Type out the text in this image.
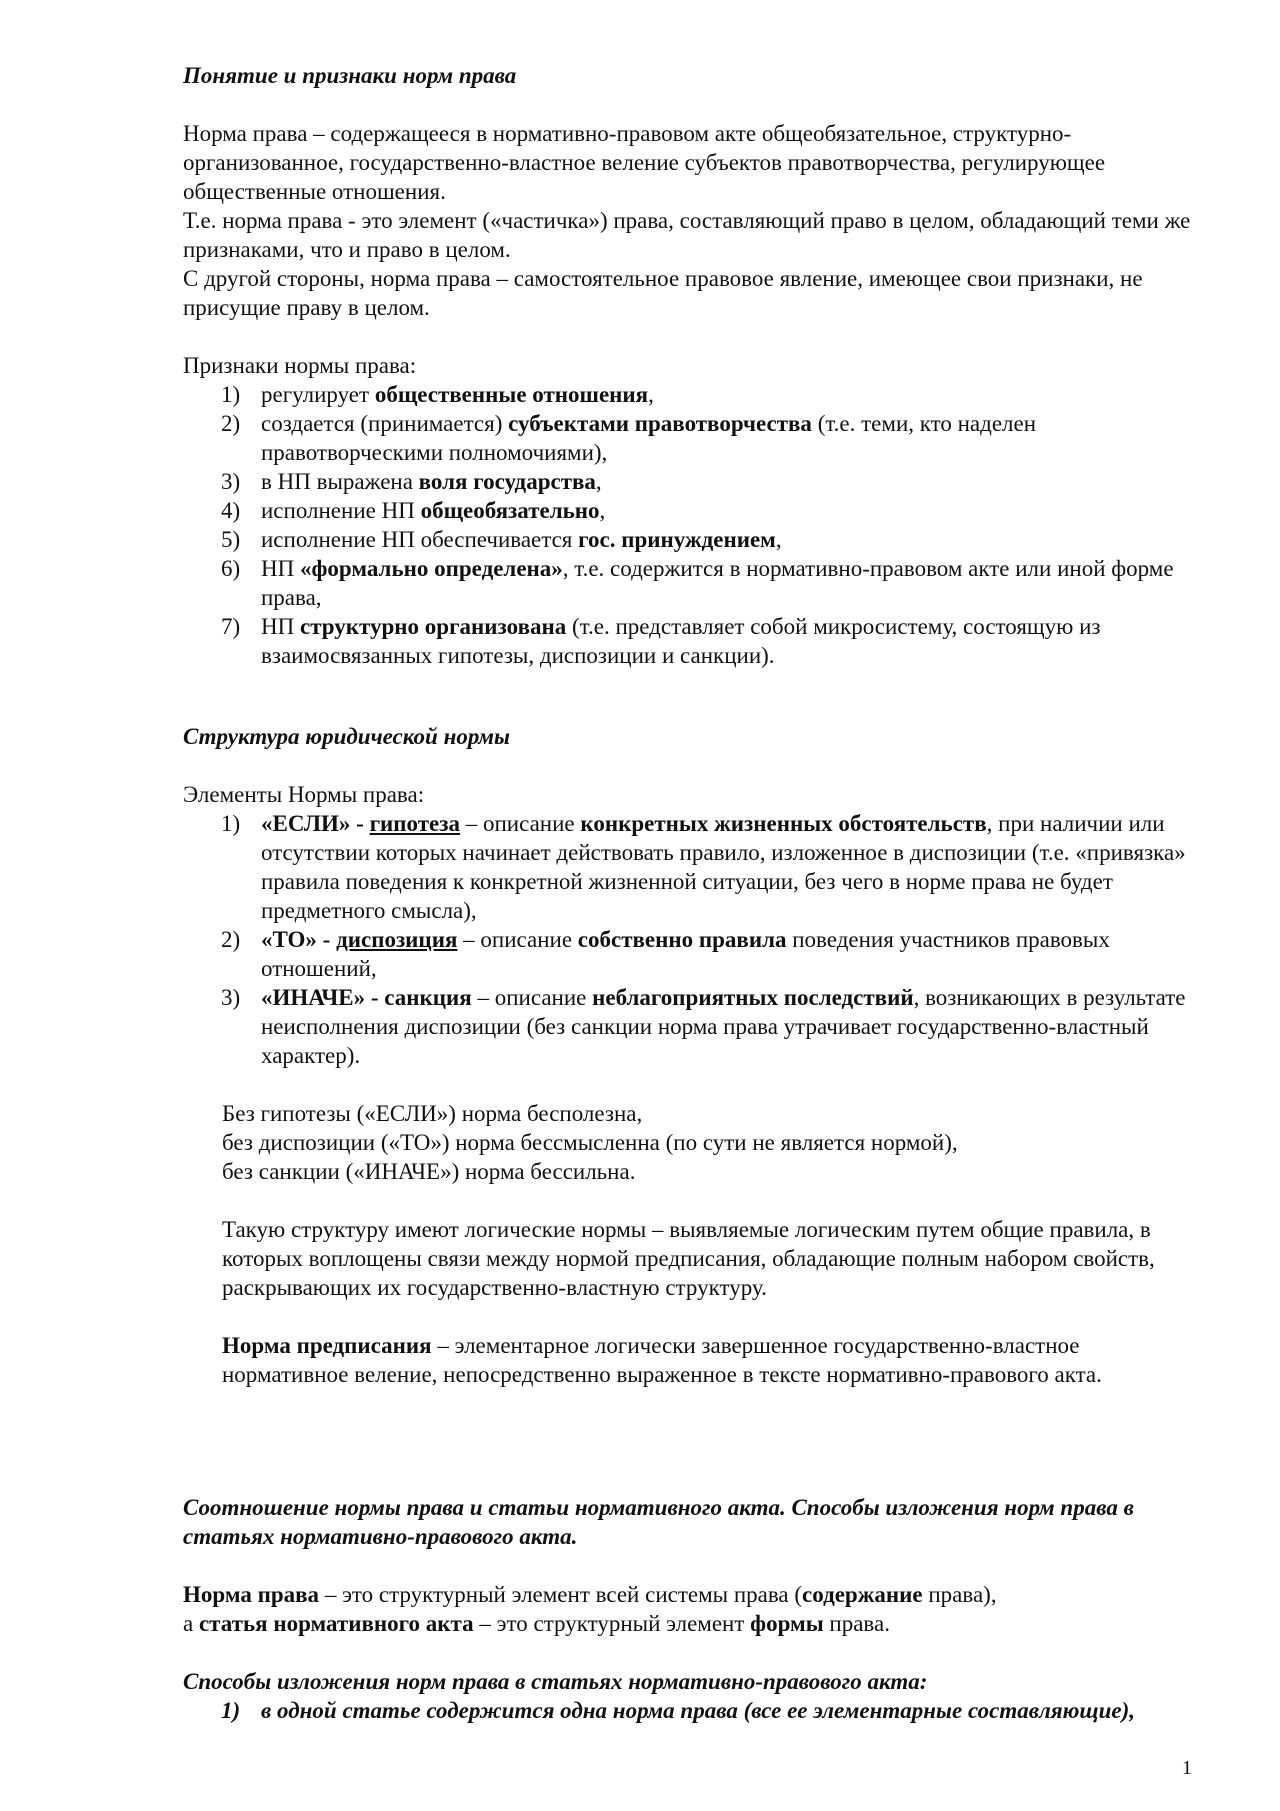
Понятие и признаки норм права

Норма права – содержащееся в нормативно-правовом акте общеобязательное, структурно-организованное, государственно-властное веление субъектов правотворчества, регулирующее общественные отношения.

Т.е. норма права - это элемент («частичка») права, составляющий право в целом, обладающий теми же признаками, что и право в целом.

С другой стороны, норма права – самостоятельное правовое явление, имеющее свои признаки, не присущие праву в целом.

Признаки нормы права:

1) регулирует общественные отношения,
2) создается (принимается) субъектами правотворчества (т.е. теми, кто наделен правотворческими полномочиями),
3) в НП выражена воля государства,
4) исполнение НП общеобязательно,
5) исполнение НП обеспечивается гос. принуждением,
6) НП «формально определена», т.е. содержится в нормативно-правовом акте или иной форме права,
7) НП структурно организована (т.е. представляет собой микросистему, состоящую из взаимосвязанных гипотезы, диспозиции и санкции).

Структура юридической нормы

Элементы Нормы права:

1) «ЕСЛИ» - гипотеза – описание конкретных жизненных обстоятельств, при наличии или отсутствии которых начинает действовать правило, изложенное в диспозиции (т.е. «привязка» правила поведения к конкретной жизненной ситуации, без чего в норме права не будет предметного смысла),
2) «ТО» - диспозиция – описание собственно правила поведения участников правовых отношений,
3) «ИНАЧЕ» - санкция – описание неблагоприятных последствий, возникающих в результате неисполнения диспозиции (без санкции норма права утрачивает государственно-властный характер).

Без гипотезы («ЕСЛИ») норма бесполезна,

без диспозиции («ТО») норма бессмысленна (по сути не является нормой),

без санкции («ИНАЧЕ») норма бессильна.

Такую структуру имеют логические нормы – выявляемые логическим путем общие правила, в которых воплощены связи между нормой предписания, обладающие полным набором свойств, раскрывающих их государственно-властную структуру.

Норма предписания – элементарное логически завершенное государственно-властное нормативное веление, непосредственно выраженное в тексте нормативно-правового акта.

Соотношение нормы права и статьи нормативного акта. Способы изложения норм права в статьях нормативно-правового акта.

Норма права – это структурный элемент всей системы права (содержание права),

а статья нормативного акта – это структурный элемент формы права.

Способы изложения норм права в статьях нормативно-правового акта:

1) в одной статье содержится одна норма права (все ее элементарные составляющие),
1
